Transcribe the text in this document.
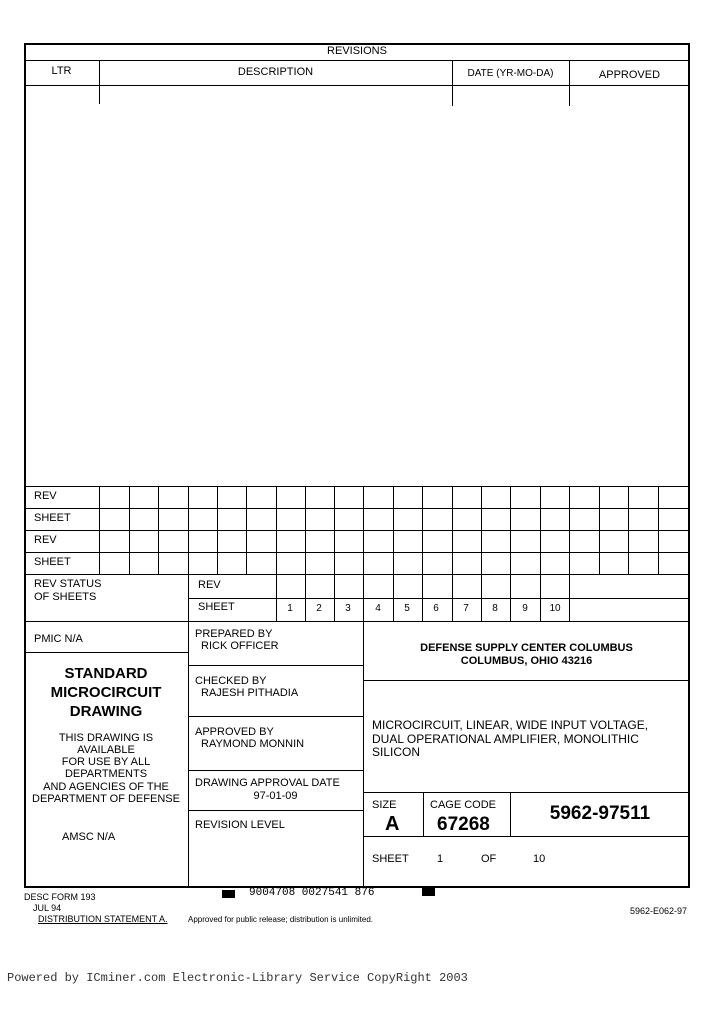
REVISIONS
LTR	DESCRIPTION	DATE (YR-MO-DA)	APPROVED
REV
SHEET
REV
SHEET
REV STATUS
OF SHEETS
REV
SHEET	1	2	3	4	5	6	7	8	9	10
PMIC N/A
STANDARD
MICROCIRCUIT
DRAWING
THIS DRAWING IS
AVAILABLE
FOR USE BY ALL
DEPARTMENTS
AND AGENCIES OF THE
DEPARTMENT OF DEFENSE
AMSC N/A
PREPARED BY
RICK OFFICER
CHECKED BY
RAJESH PITHADIA
APPROVED BY
RAYMOND MONNIN
DRAWING APPROVAL DATE
97-01-09
REVISION LEVEL
DEFENSE SUPPLY CENTER COLUMBUS
COLUMBUS, OHIO 43216
MICROCIRCUIT, LINEAR, WIDE INPUT VOLTAGE,
DUAL OPERATIONAL AMPLIFIER, MONOLITHIC
SILICON
SIZE
A
CAGE CODE
67268
5962-97511
SHEET	1	OF	10
DESC FORM 193
JUL 94
9004708 0027541 876
DISTRIBUTION STATEMENT A.	Approved for public release; distribution is unlimited.
5962-E062-97
Powered by ICminer.com Electronic-Library Service CopyRight 2003
